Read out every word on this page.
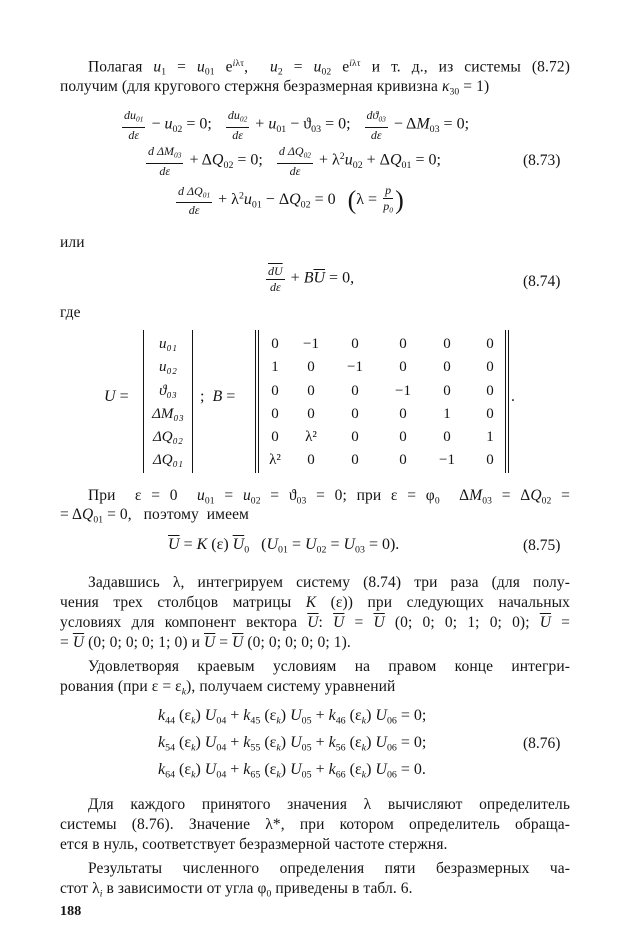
Полагая $u_1 = u_{01}$ $e^{i\lambda\tau}$,  $u_2 = u_{02}$ $e^{i\lambda\tau}$ и т. д., из системы (8.72)
получим (для кругового стержня безразмерная кривизна $\kappa_{30} = 1$)
$\frac{du_{01}}{d\varepsilon} - u_{02} = 0$; $\frac{du_{02}}{d\varepsilon} + u_{01} - ϑ_{03} = 0$; $\frac{dϑ_{03}}{d\varepsilon} - \Delta M_{03} = 0$;
$\frac{d \Delta M_{03}}{d\varepsilon} + \Delta Q_{02} = 0$; $\frac{d \Delta Q_{02}}{d\varepsilon} + \lambda^2u_{02} + \Delta Q_{01} = 0$;	(8.73)
$\frac{d \Delta Q_{01}}{d\varepsilon} + \lambda^2u_{01} - \Delta Q_{02} = 0$   ($\lambda = \frac{p}{p_0}$ )
или
$\frac{\overline{dU}}{d\varepsilon} + B\overline{U} = 0$,	(8.74)
где
U =
u₀₁
u₀₂
ϑ₀₃
ΔM₀₃
ΔQ₀₂
ΔQ₀₁
;  B =	.
0	−1	0	0	0	0
1	0	−1	0	0	0
0	0	0	−1	0	0
0	0	0	0	1	0
0	λ²	0	0	0	1
λ²	0	0	0	−1	0
При  ε = 0  $u_{01} = u_{02} = ϑ_{03} = 0$; при $\varepsilon = \varphi_0$  $\Delta M_{03} = \Delta Q_{02}$ =
= $\Delta Q_{01} = 0$,   поэтому  имеем
$\overline{U} = K$ (ε) $\overline{U}_0$   $(U_{01} = U_{02} = U_{03} = 0)$.	(8.75)
Задавшись λ, интегрируем систему (8.74) три раза (для полу-
чения трех столбцов матрицы K (ε)) при следующих начальных
условиях для компонент вектора $\overline{U}$: $\overline{U} = \overline{U}$ (0; 0; 0; 1; 0; 0); $\overline{U}$ =
= $\overline{U}$ (0; 0; 0; 0; 1; 0) и $\overline{U} = \overline{U}$ (0; 0; 0; 0; 0; 1).
Удовлетворяя краевым условиям на правом конце интегри-
рования (при $\varepsilon = \varepsilon_k$), получаем систему уравнений
$k_{44}$ $(\varepsilon_k) U_{04} + k_{45}$ $(\varepsilon_k) U_{05} + k_{46}$ $(\varepsilon_k) U_{06} = 0$;
$k_{54}$ $(\varepsilon_k) U_{04} + k_{55}$ $(\varepsilon_k) U_{05} + k_{56}$ $(\varepsilon_k) U_{06} = 0$;	(8.76)
$k_{64}$ $(\varepsilon_k) U_{04} + k_{65}$ $(\varepsilon_k) U_{05} + k_{66}$ $(\varepsilon_k) U_{06} = 0$.
Для каждого принятого значения λ вычисляют определитель
системы (8.76). Значение λ*, при котором определитель обраща-
ется в нуль, соответствует безразмерной частоте стержня.
Результаты численного определения пяти безразмерных ча-
стот $\lambda_i$ в зависимости от угла $\varphi_0$ приведены в табл. 6.
188
